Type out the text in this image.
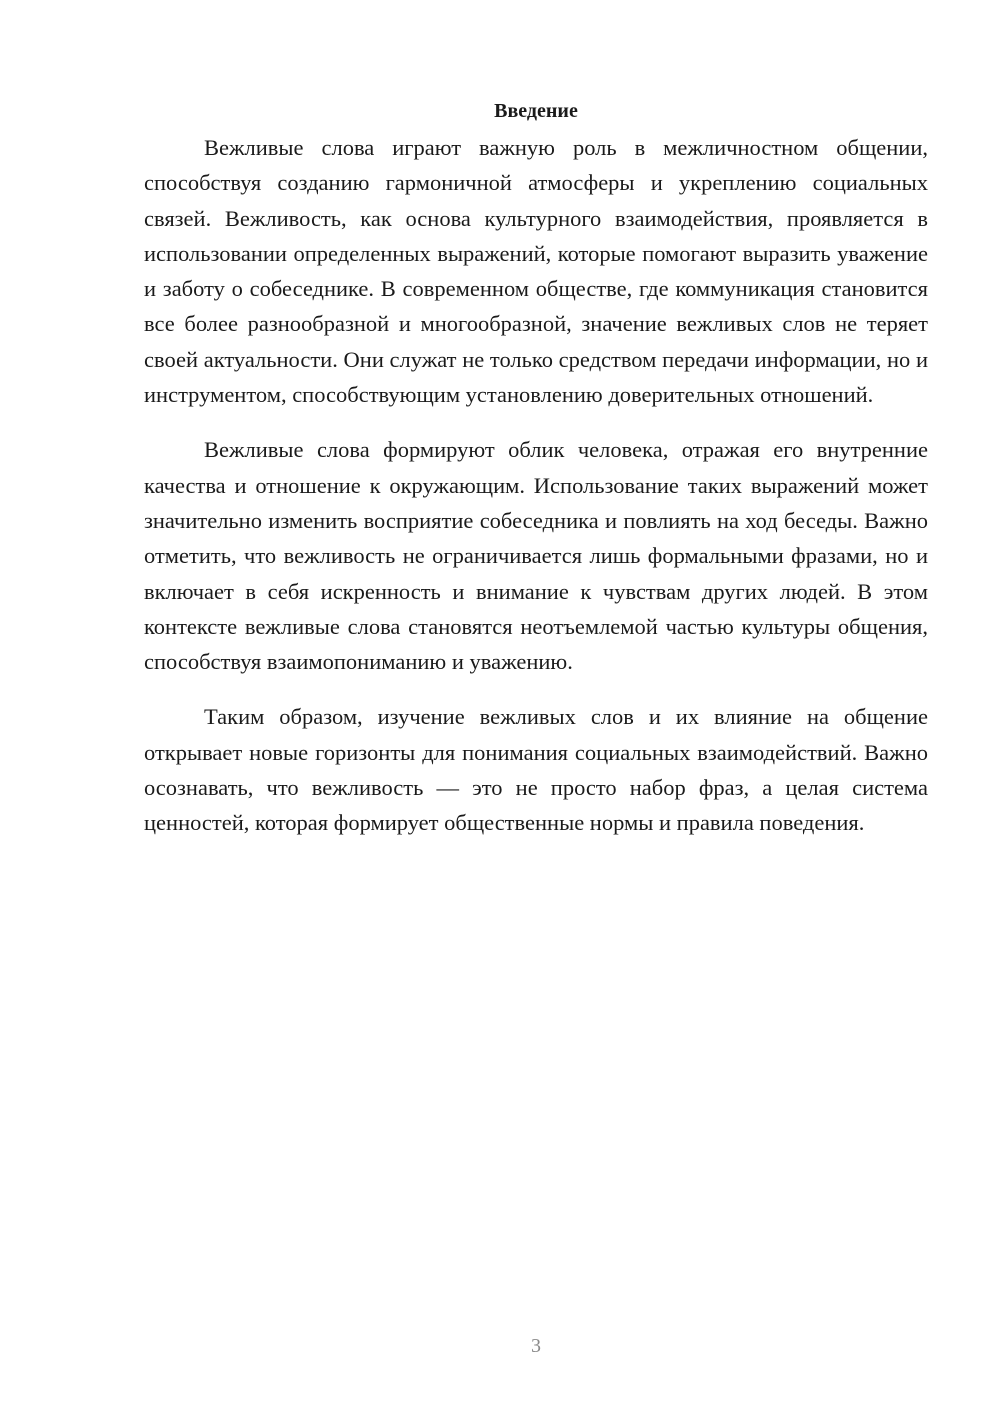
Введение

Вежливые слова играют важную роль в межличностном общении, способствуя созданию гармоничной атмосферы и укреплению социальных связей. Вежливость, как основа культурного взаимодействия, проявляется в использовании определенных выражений, которые помогают выразить уважение и заботу о собеседнике. В современном обществе, где коммуникация становится все более разнообразной и многообразной, значение вежливых слов не теряет своей актуальности. Они служат не только средством передачи информации, но и инструментом, способствующим установлению доверительных отношений.

Вежливые слова формируют облик человека, отражая его внутренние качества и отношение к окружающим. Использование таких выражений может значительно изменить восприятие собеседника и повлиять на ход беседы. Важно отметить, что вежливость не ограничивается лишь формальными фразами, но и включает в себя искренность и внимание к чувствам других людей. В этом контексте вежливые слова становятся неотъемлемой частью культуры общения, способствуя взаимопониманию и уважению.

Таким образом, изучение вежливых слов и их влияние на общение открывает новые горизонты для понимания социальных взаимодействий. Важно осознавать, что вежливость — это не просто набор фраз, а целая система ценностей, которая формирует общественные нормы и правила поведения.

3
